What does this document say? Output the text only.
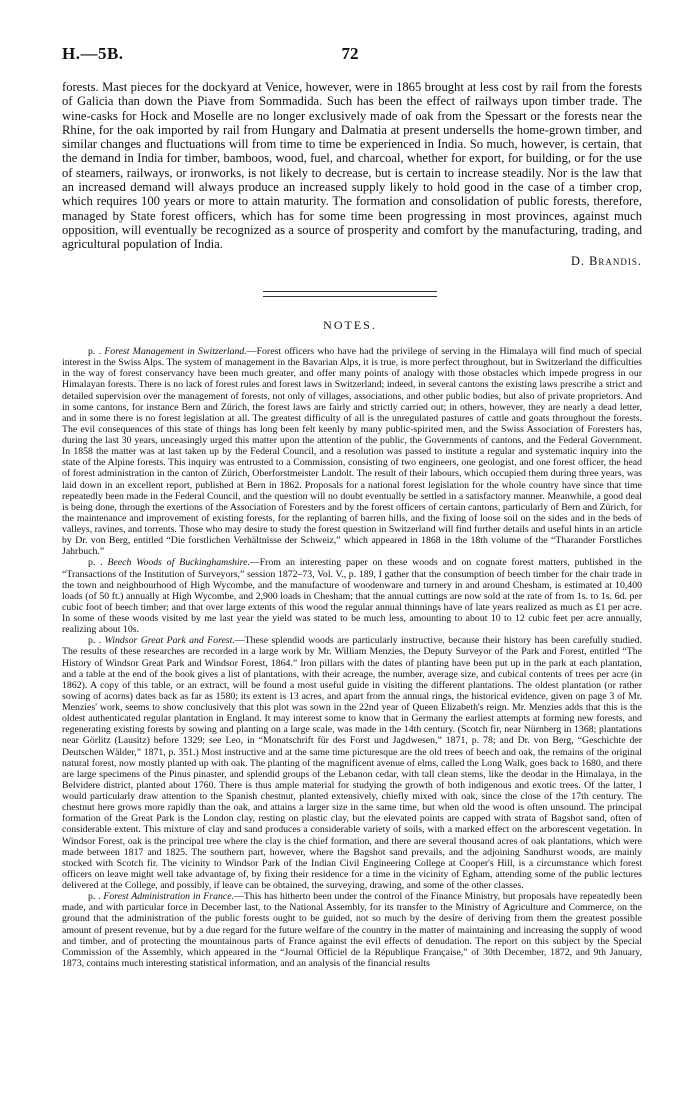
H.—5B.	72

forests. Mast pieces for the dockyard at Venice, however, were in 1865 brought at less cost by rail from the forests of Galicia than down the Piave from Sommadida. Such has been the effect of railways upon timber trade. The wine-casks for Hock and Moselle are no longer exclusively made of oak from the Spessart or the forests near the Rhine, for the oak imported by rail from Hungary and Dalmatia at present undersells the home-grown timber, and similar changes and fluctuations will from time to time be experienced in India. So much, however, is certain, that the demand in India for timber, bamboos, wood, fuel, and charcoal, whether for export, for building, or for the use of steamers, railways, or ironworks, is not likely to decrease, but is certain to increase steadily. Nor is the law that an increased demand will always produce an increased supply likely to hold good in the case of a timber crop, which requires 100 years or more to attain maturity. The formation and consolidation of public forests, therefore, managed by State forest officers, which has for some time been progressing in most provinces, against much opposition, will eventually be recognized as a source of prosperity and comfort by the manufacturing, trading, and agricultural population of India.

D. Brandis.
NOTES.

p. . Forest Management in Switzerland.—Forest officers who have had the privilege of serving in the Himalaya will find much of special interest in the Swiss Alps. The system of management in the Bavarian Alps, it is true, is more perfect throughout, but in Switzerland the difficulties in the way of forest conservancy have been much greater, and offer many points of analogy with those obstacles which impede progress in our Himalayan forests. There is no lack of forest rules and forest laws in Switzerland; indeed, in several cantons the existing laws prescribe a strict and detailed supervision over the management of forests, not only of villages, associations, and other public bodies, but also of private proprietors. And in some cantons, for instance Bern and Zürich, the forest laws are fairly and strictly carried out; in others, however, they are nearly a dead letter, and in some there is no forest legislation at all. The greatest difficulty of all is the unregulated pastures of cattle and goats throughout the forests. The evil consequences of this state of things has long been felt keenly by many public-spirited men, and the Swiss Association of Foresters has, during the last 30 years, unceasingly urged this matter upon the attention of the public, the Governments of cantons, and the Federal Government. In 1858 the matter was at last taken up by the Federal Council, and a resolution was passed to institute a regular and systematic inquiry into the state of the Alpine forests. This inquiry was entrusted to a Commission, consisting of two engineers, one geologist, and one forest officer, the head of forest administration in the canton of Zürich, Oberforstmeister Landolt. The result of their labours, which occupied them during three years, was laid down in an excellent report, published at Bern in 1862. Proposals for a national forest legislation for the whole country have since that time repeatedly been made in the Federal Council, and the question will no doubt eventually be settled in a satisfactory manner. Meanwhile, a good deal is being done, through the exertions of the Association of Foresters and by the forest officers of certain cantons, particularly of Bern and Zürich, for the maintenance and improvement of existing forests, for the replanting of barren hills, and the fixing of loose soil on the sides and in the beds of valleys, ravines, and torrents. Those who may desire to study the forest question in Switzerland will find further details and useful hints in an article by Dr. von Berg, entitled “Die forstlichen Verhältnisse der Schweiz,” which appeared in 1868 in the 18th volume of the “Tharander Forstliches Jahrbuch.”

p. . Beech Woods of Buckinghamshire.—From an interesting paper on these woods and on cognate forest matters, published in the “Transactions of the Institution of Surveyors,” session 1872–73, Vol. V., p. 189, I gather that the consumption of beech timber for the chair trade in the town and neighbourhood of High Wycombe, and the manufacture of woodenware and turnery in and around Chesham, is estimated at 10,400 loads (of 50 ft.) annually at High Wycombe, and 2,900 loads in Chesham; that the annual cuttings are now sold at the rate of from 1s. to 1s. 6d. per cubic foot of beech timber; and that over large extents of this wood the regular annual thinnings have of late years realized as much as £1 per acre. In some of these woods visited by me last year the yield was stated to be much less, amounting to about 10 to 12 cubic feet per acre annually, realizing about 10s.

p. . Windsor Great Park and Forest.—These splendid woods are particularly instructive, because their history has been carefully studied. The results of these researches are recorded in a large work by Mr. William Menzies, the Deputy Surveyor of the Park and Forest, entitled “The History of Windsor Great Park and Windsor Forest, 1864.” Iron pillars with the dates of planting have been put up in the park at each plantation, and a table at the end of the book gives a list of plantations, with their acreage, the number, average size, and cubical contents of trees per acre (in 1862). A copy of this table, or an extract, will be found a most useful guide in visiting the different plantations. The oldest plantation (or rather sowing of acorns) dates back as far as 1580; its extent is 13 acres, and apart from the annual rings, the historical evidence, given on page 3 of Mr. Menzies' work, seems to show conclusively that this plot was sown in the 22nd year of Queen Elizabeth's reign. Mr. Menzies adds that this is the oldest authenticated regular plantation in England. It may interest some to know that in Germany the earliest attempts at forming new forests, and regenerating existing forests by sowing and planting on a large scale, was made in the 14th century. (Scotch fir, near Nürnberg in 1368; plantations near Görlitz (Lausitz) before 1329; see Leo, in “Monatschrift für des Forst und Jagdwesen,” 1871, p. 78; and Dr. von Berg, “Geschichte der Deutschen Wälder,” 1871, p. 351.) Most instructive and at the same time picturesque are the old trees of beech and oak, the remains of the original natural forest, now mostly planted up with oak. The planting of the magnificent avenue of elms, called the Long Walk, goes back to 1680, and there are large specimens of the Pinus pinaster, and splendid groups of the Lebanon cedar, with tall clean stems, like the deodar in the Himalaya, in the Belvidere district, planted about 1760. There is thus ample material for studying the growth of both indigenous and exotic trees. Of the latter, I would particularly draw attention to the Spanish chestnut, planted extensively, chiefly mixed with oak, since the close of the 17th century. The chestnut here grows more rapidly than the oak, and attains a larger size in the same time, but when old the wood is often unsound. The principal formation of the Great Park is the London clay, resting on plastic clay, but the elevated points are capped with strata of Bagshot sand, often of considerable extent. This mixture of clay and sand produces a considerable variety of soils, with a marked effect on the arborescent vegetation. In Windsor Forest, oak is the principal tree where the clay is the chief formation, and there are several thousand acres of oak plantations, which were made between 1817 and 1825. The southern part, however, where the Bagshot sand prevails, and the adjoining Sandhurst woods, are mainly stocked with Scotch fir. The vicinity to Windsor Park of the Indian Civil Engineering College at Cooper's Hill, is a circumstance which forest officers on leave might well take advantage of, by fixing their residence for a time in the vicinity of Egham, attending some of the public lectures delivered at the College, and possibly, if leave can be obtained, the surveying, drawing, and some of the other classes.

p. . Forest Administration in France.—This has hitherto been under the control of the Finance Ministry, but proposals have repeatedly been made, and with particular force in December last, to the National Assembly, for its transfer to the Ministry of Agriculture and Commerce, on the ground that the administration of the public forests ought to be guided, not so much by the desire of deriving from them the greatest possible amount of present revenue, but by a due regard for the future welfare of the country in the matter of maintaining and increasing the supply of wood and timber, and of protecting the mountainous parts of France against the evil effects of denudation. The report on this subject by the Special Commission of the Assembly, which appeared in the “Journal Officiel de la République Française,” of 30th December, 1872, and 9th January, 1873, contains much interesting statistical information, and an analysis of the financial results
